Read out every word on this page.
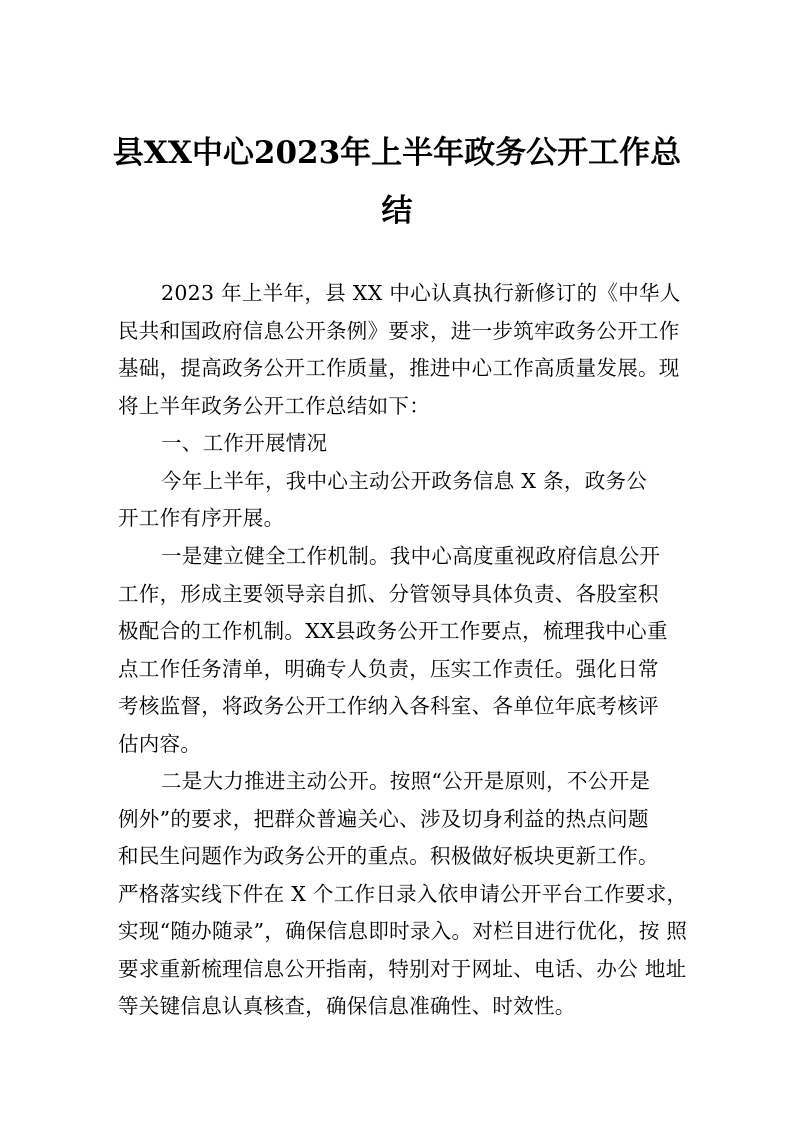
县XX中心2023年上半年政务公开工作总
结
2023 年上半年，县 XX 中心认真执行新修订的《中华人
民共和国政府信息公开条例》要求，进一步筑牢政务公开工作
基础，提高政务公开工作质量，推进中心工作高质量发展。现
将上半年政务公开工作总结如下：
一、工作开展情况
今年上半年，我中心主动公开政务信息 X 条，政务公
开工作有序开展。
一是建立健全工作机制。我中心高度重视政府信息公开
工作，形成主要领导亲自抓、分管领导具体负责、各股室积
极配合的工作机制。XX县政务公开工作要点，梳理我中心重
点工作任务清单，明确专人负责，压实工作责任。强化日常
考核监督，将政务公开工作纳入各科室、各单位年底考核评
估内容。
二是大力推进主动公开。按照“公开是原则，不公开是
例外”的要求，把群众普遍关心、涉及切身利益的热点问题
和民生问题作为政务公开的重点。积极做好板块更新工作。
严格落实线下件在 X 个工作日录入依申请公开平台工作要求，
实现“随办随录”，确保信息即时录入。对栏目进行优化，按 照
要求重新梳理信息公开指南，特别对于网址、电话、办公 地址
等关键信息认真核查，确保信息准确性、时效性。
